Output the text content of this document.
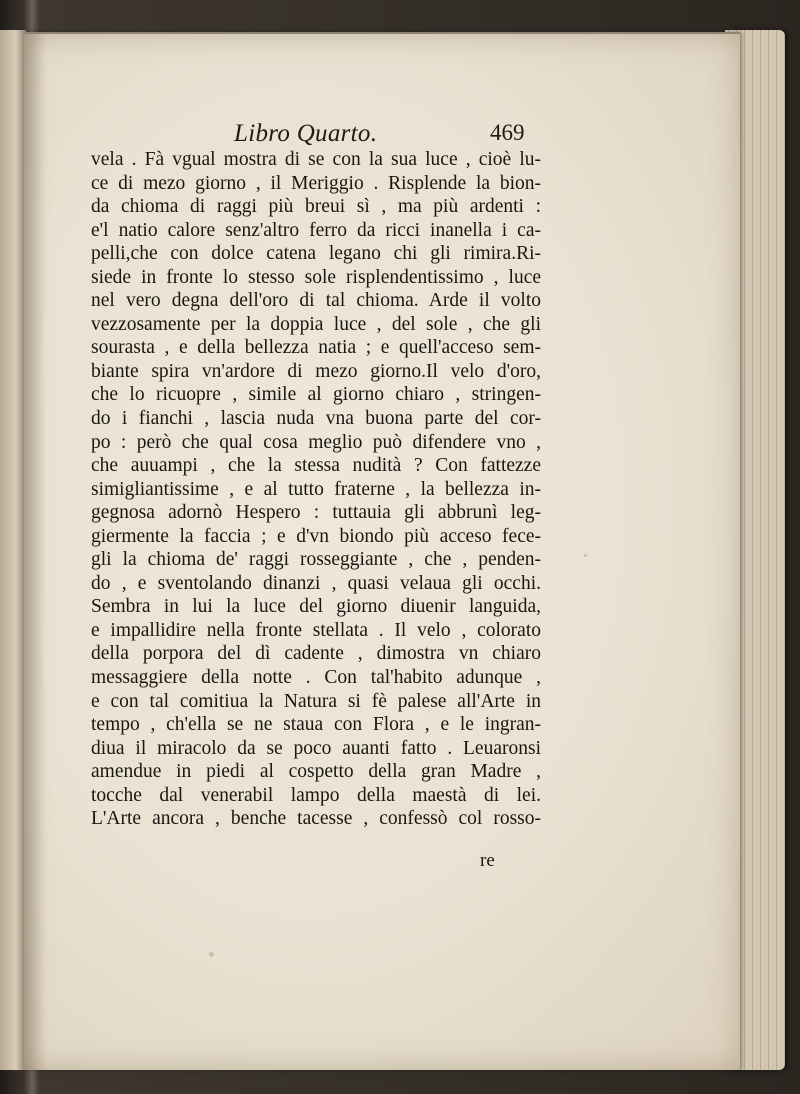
Libro Quarto.	469
vela . Fà vgual mostra di se con la sua luce , cioè lu-
ce di mezo giorno , il Meriggio . Risplende la bion-
da chioma di raggi più breui sì , ma più ardenti :
e'l natio calore senz'altro ferro da ricci inanella i ca-
pelli,che con dolce catena legano chi gli rimira.Ri-
siede in fronte lo stesso sole risplendentissimo , luce
nel vero degna dell'oro di tal chioma. Arde il volto
vezzosamente per la doppia luce , del sole , che gli
sourasta , e della bellezza natia ; e quell'acceso sem-
biante spira vn'ardore di mezo giorno.Il velo d'oro,
che lo ricuopre , simile al giorno chiaro , stringen-
do i fianchi , lascia nuda vna buona parte del cor-
po : però che qual cosa meglio può difendere vno ,
che auuampi , che la stessa nudità ? Con fattezze
simigliantissime , e al tutto fraterne , la bellezza in-
gegnosa adornò Hespero : tuttauia gli abbrunì leg-
giermente la faccia ; e d'vn biondo più acceso fece-
gli la chioma de' raggi rosseggiante , che , penden-
do , e sventolando dinanzi , quasi velaua gli occhi.
Sembra in lui la luce del giorno diuenir languida,
e impallidire nella fronte stellata . Il velo , colorato
della porpora del dì cadente , dimostra vn chiaro
messaggiere della notte . Con tal'habito adunque ,
e con tal comitiua la Natura si fè palese all'Arte in
tempo , ch'ella se ne staua con Flora , e le ingran-
diua il miracolo da se poco auanti fatto . Leuaronsi
amendue in piedi al cospetto della gran Madre ,
tocche dal venerabil lampo della maestà di lei.
L'Arte ancora , benche tacesse , confessò col rosso-
re
